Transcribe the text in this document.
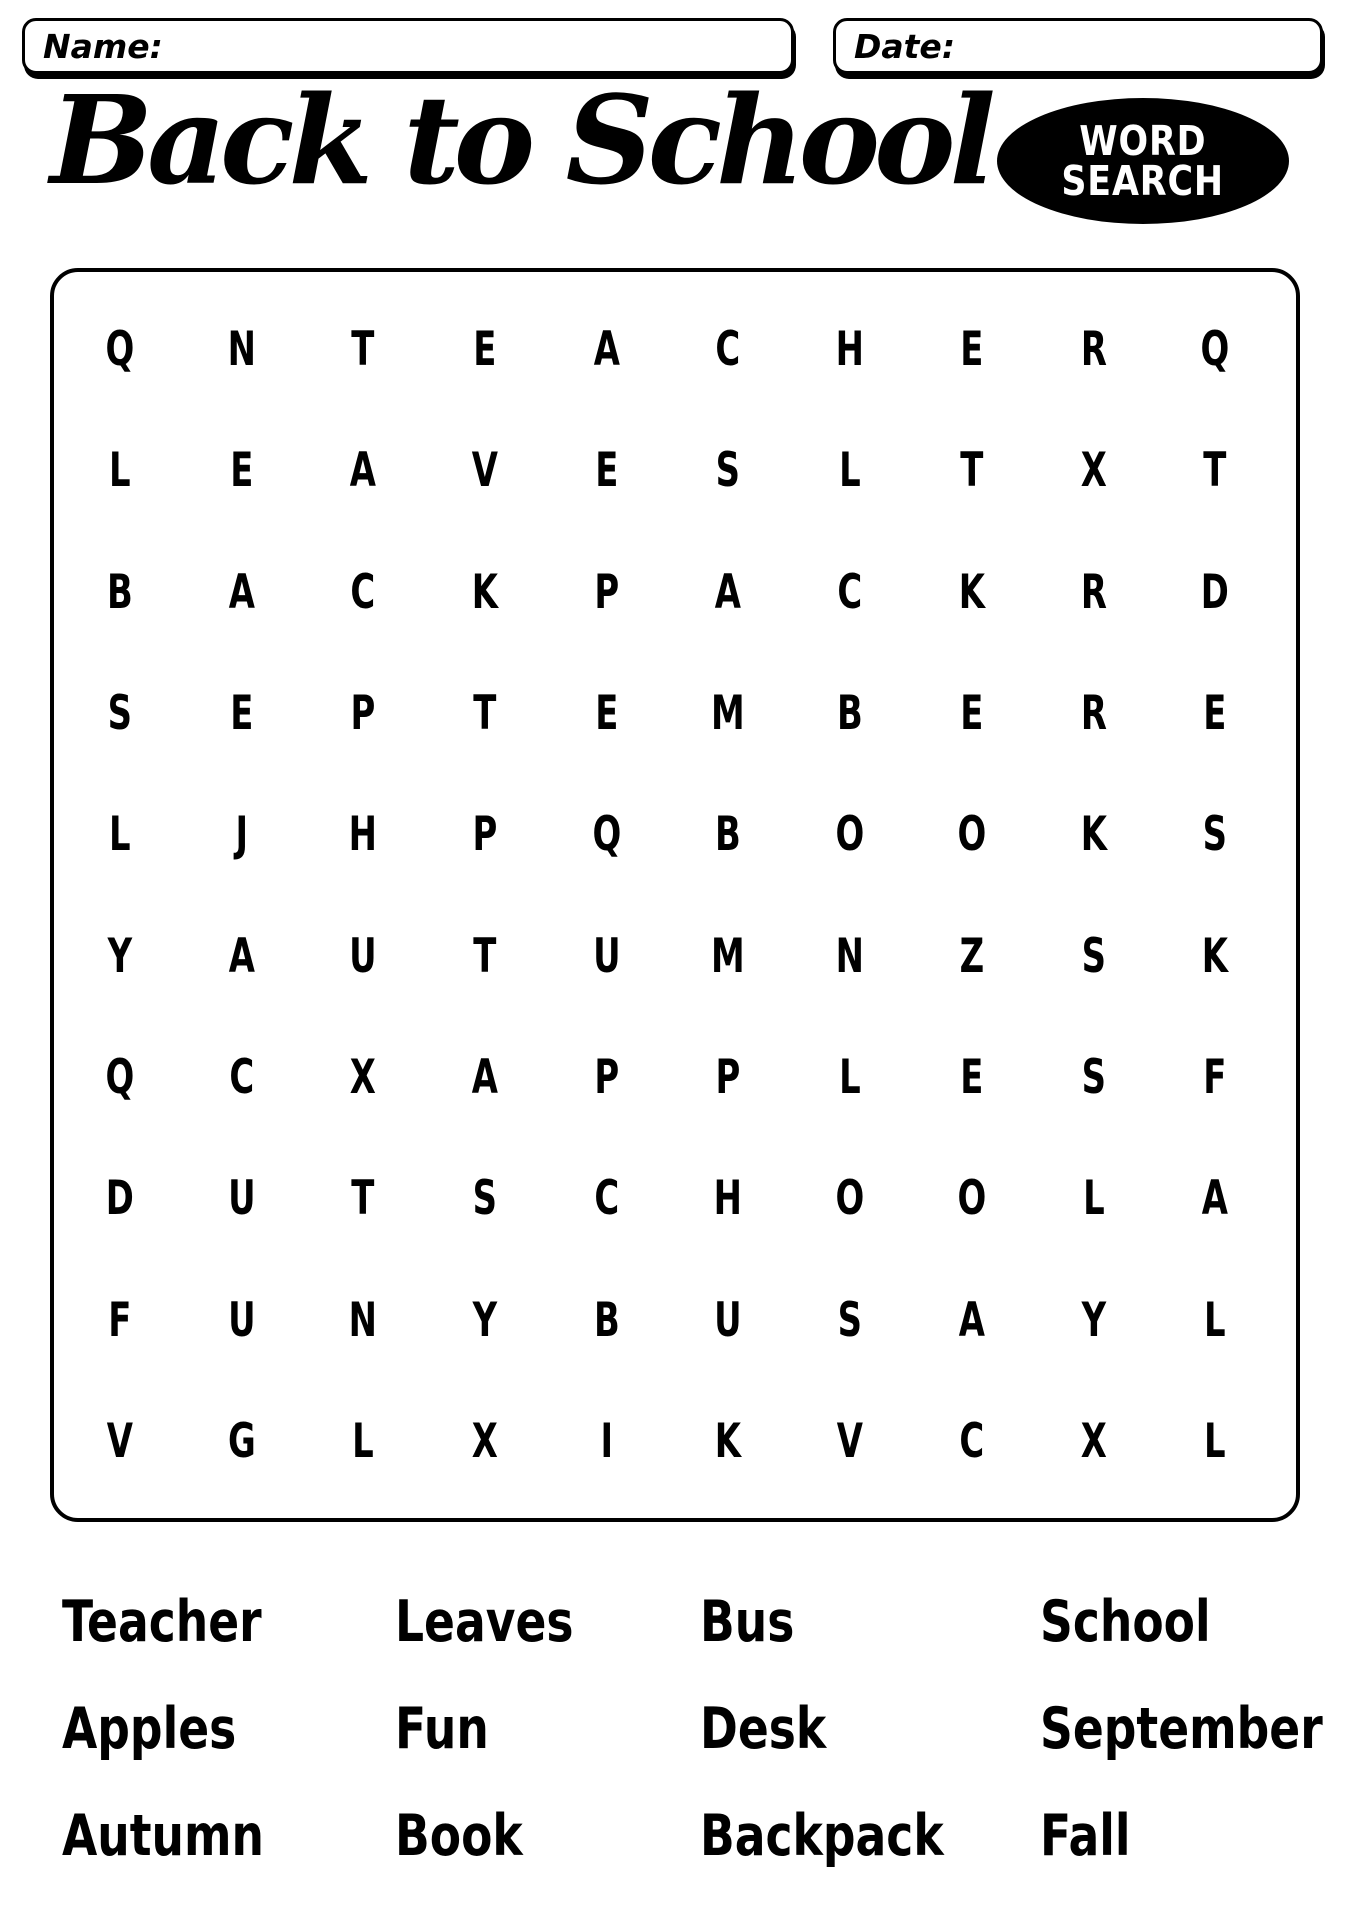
Name:	Date:
Back to School WORD
SEARCH
Q	N	T	E	A	C	H	E	R	Q
L	E	A	V	E	S	L	T	X	T
B	A	C	K	P	A	C	K	R	D
S	E	P	T	E	M	B	E	R	E
L	J	H	P	Q	B	O	O	K	S
Y	A	U	T	U	M	N	Z	S	K
Q	C	X	A	P	P	L	E	S	F
D	U	T	S	C	H	O	O	L	A
F	U	N	Y	B	U	S	A	Y	L
V	G	L	X	I	K	V	C	X	L
Teacher	Leaves	Bus	School
Apples	Fun	Desk	September
Autumn	Book	Backpack	Fall
